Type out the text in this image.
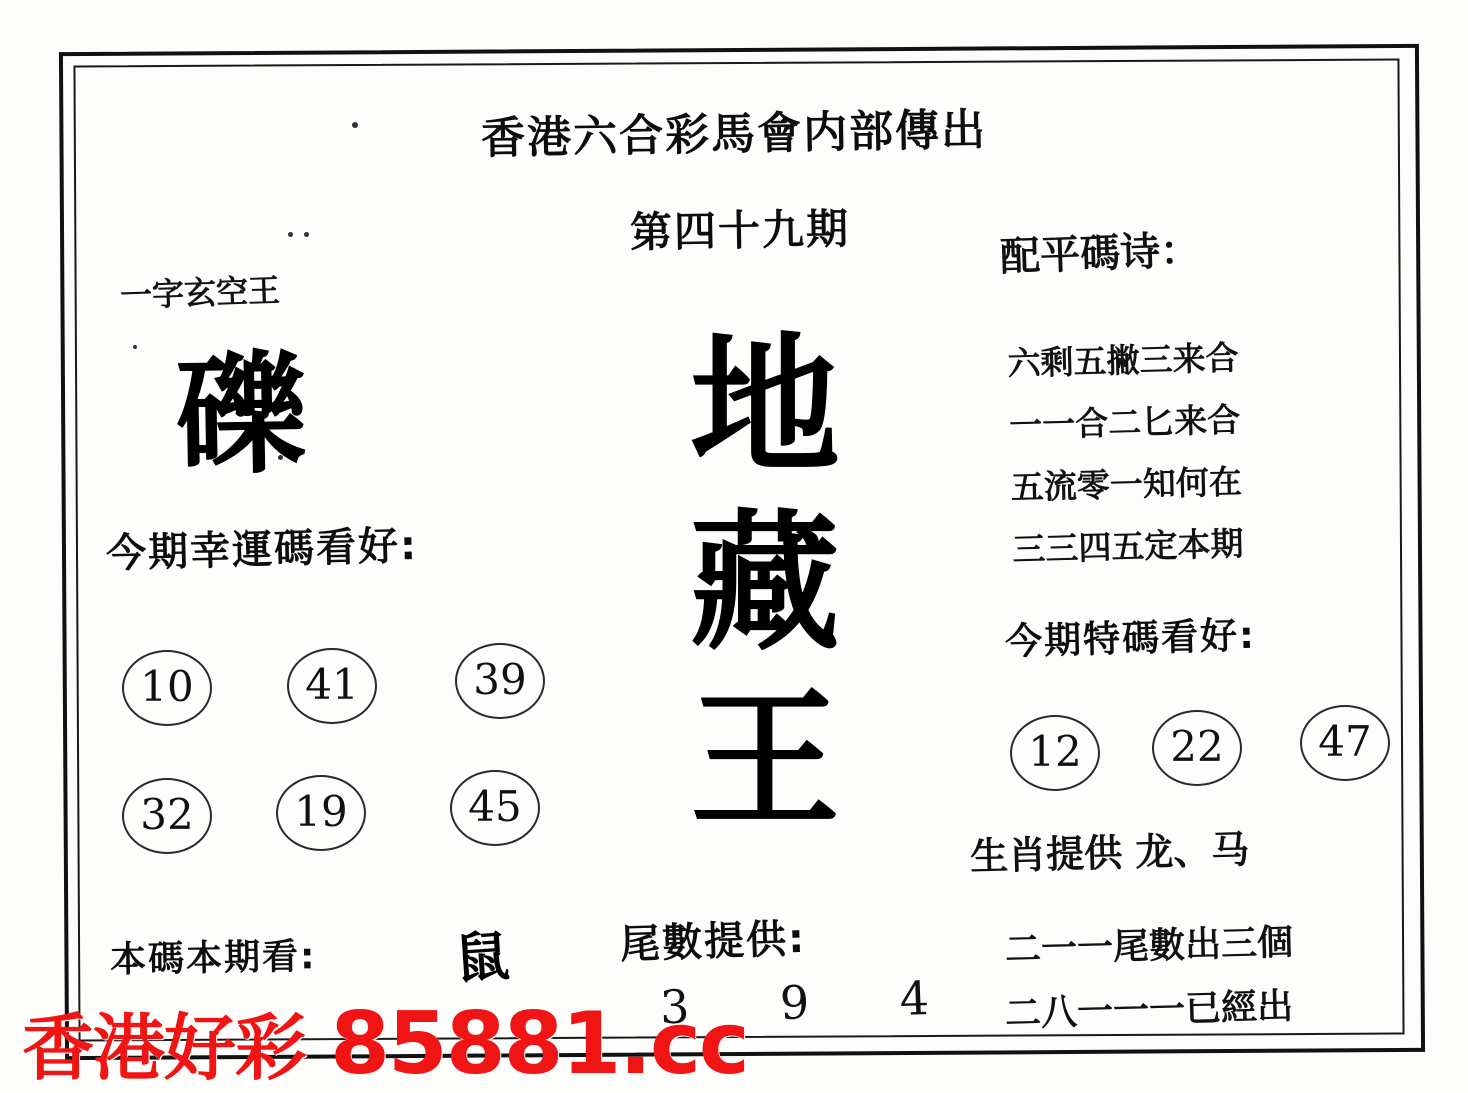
香港六合彩馬會内部傳出
第四十九期
一字玄空王
礫
今期幸運碼看好:
10	41	39
32	19	45
本碼本期看:	鼠
地
藏
王
尾數提供:
3 9 4
配平碼诗：
六剩五撇三来合
一一合二匕来合
五流零一知何在
三三四五定本期
今期特碼看好:
12	22	47
生肖提供 龙、马
二一一尾數出三個
二八一一一已經出
香港好彩 85881.cc
